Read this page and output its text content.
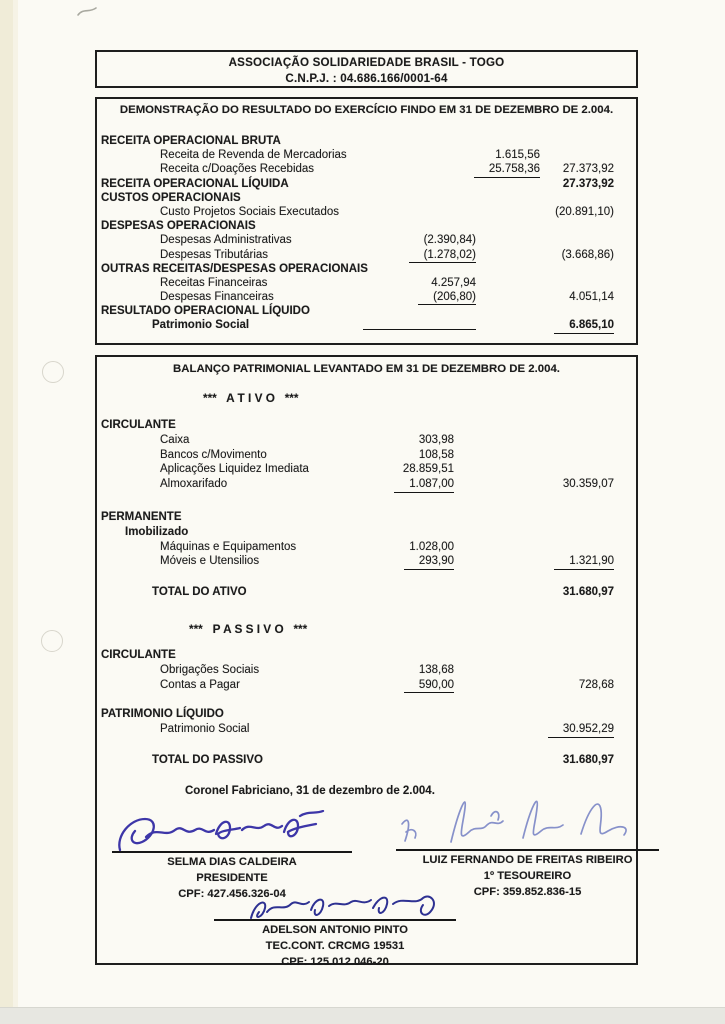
ASSOCIAÇÃO SOLIDARIEDADE BRASIL - TOGO
C.N.P.J. : 04.686.166/0001-64
DEMONSTRAÇÃO DO RESULTADO DO EXERCÍCIO FINDO EM 31 DE DEZEMBRO DE 2.004.
RECEITA OPERACIONAL BRUTA
Receita de Revenda de Mercadorias	1.615,56
Receita c/Doações Recebidas	25.758,36 27.373,92
RECEITA OPERACIONAL LÍQUIDA	27.373,92
CUSTOS OPERACIONAIS
Custo Projetos Sociais Executados	(20.891,10)
DESPESAS OPERACIONAIS
Despesas Administrativas	(2.390,84)
Despesas Tributárias	(1.278,02)	(3.668,86)
OUTRAS RECEITAS/DESPESAS OPERACIONAIS
Receitas Financeiras	4.257,94
Despesas Financeiras	(206,80)	4.051,14
RESULTADO OPERACIONAL LÍQUIDO
Patrimonio Social	6.865,10
BALANÇO PATRIMONIAL LEVANTADO EM 31 DE DEZEMBRO DE 2.004.
***   A T I V O   ***
CIRCULANTE
Caixa	303,98
Bancos c/Movimento	108,58
Aplicações Liquidez Imediata	28.859,51
Almoxarifado	1.087,00	30.359,07
PERMANENTE
Imobilizado
Máquinas e Equipamentos	1.028,00
Móveis e Utensilios	293,90	1.321,90
TOTAL DO ATIVO	31.680,97
***   P A S S I V O   ***
CIRCULANTE
Obrigações Sociais	138,68
Contas a Pagar	590,00	728,68
PATRIMONIO LÍQUIDO
Patrimonio Social	30.952,29
TOTAL DO PASSIVO	31.680,97
Coronel Fabriciano, 31 de dezembro de 2.004.
SELMA DIAS CALDEIRA
PRESIDENTE
CPF: 427.456.326-04
LUIZ FERNANDO DE FREITAS RIBEIRO
1º TESOUREIRO
CPF: 359.852.836-15
ADELSON ANTONIO PINTO
TEC.CONT. CRCMG 19531
CPF: 125.012.046-20
